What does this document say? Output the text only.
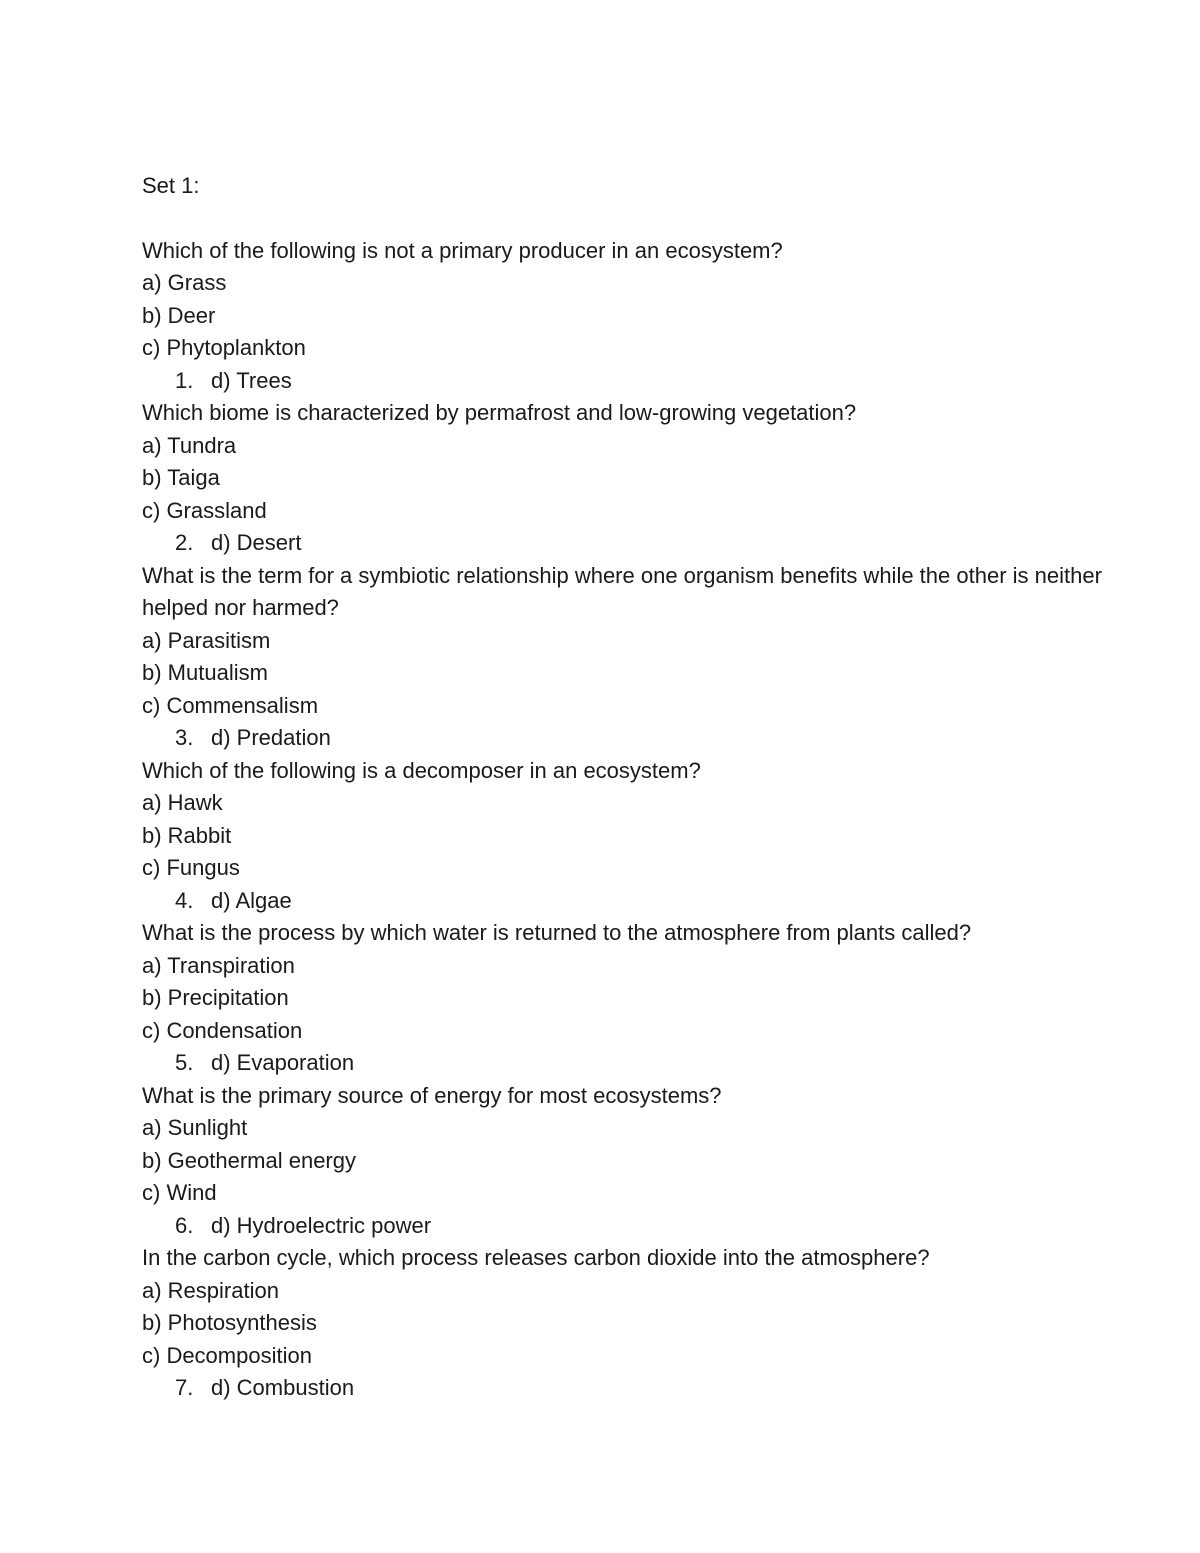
Set 1:

Which of the following is not a primary producer in an ecosystem?

a) Grass
b) Deer
c) Phytoplankton
1. d) Trees

Which biome is characterized by permafrost and low-growing vegetation?

a) Tundra
b) Taiga
c) Grassland
2. d) Desert

What is the term for a symbiotic relationship where one organism benefits while the other is neither helped nor harmed?

a) Parasitism
b) Mutualism
c) Commensalism
3. d) Predation

Which of the following is a decomposer in an ecosystem?

a) Hawk
b) Rabbit
c) Fungus
4. d) Algae

What is the process by which water is returned to the atmosphere from plants called?

a) Transpiration
b) Precipitation
c) Condensation
5. d) Evaporation

What is the primary source of energy for most ecosystems?

a) Sunlight
b) Geothermal energy
c) Wind
6. d) Hydroelectric power

In the carbon cycle, which process releases carbon dioxide into the atmosphere?

a) Respiration
b) Photosynthesis
c) Decomposition
7. d) Combustion
